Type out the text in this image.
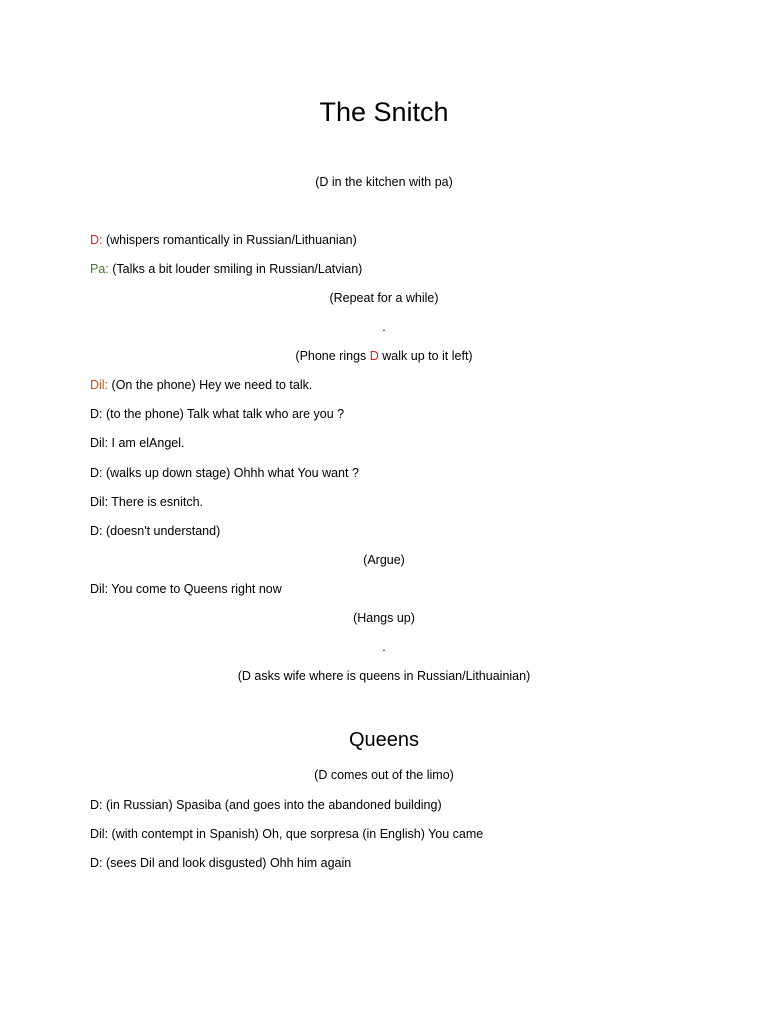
The Snitch
(D in the kitchen with pa)
D: (whispers romantically in Russian/Lithuanian)
Pa: (Talks a bit louder smiling in Russian/Latvian)
(Repeat for a while)
.
(Phone rings D walk up to it left)
Dil: (On the phone) Hey we need to talk.
D: (to the phone) Talk what talk who are you ?
Dil: I am elAngel.
D: (walks up down stage) Ohhh what You want ?
Dil: There is esnitch.
D: (doesn't understand)
(Argue)
Dil: You come to Queens right now
(Hangs up)
.
(D asks wife where is queens in Russian/Lithuainian)
Queens
(D comes out of the limo)
D: (in Russian) Spasiba (and goes into the abandoned building)
Dil: (with contempt in Spanish) Oh, que sorpresa (in English) You came
D: (sees Dil and look disgusted) Ohh him again
